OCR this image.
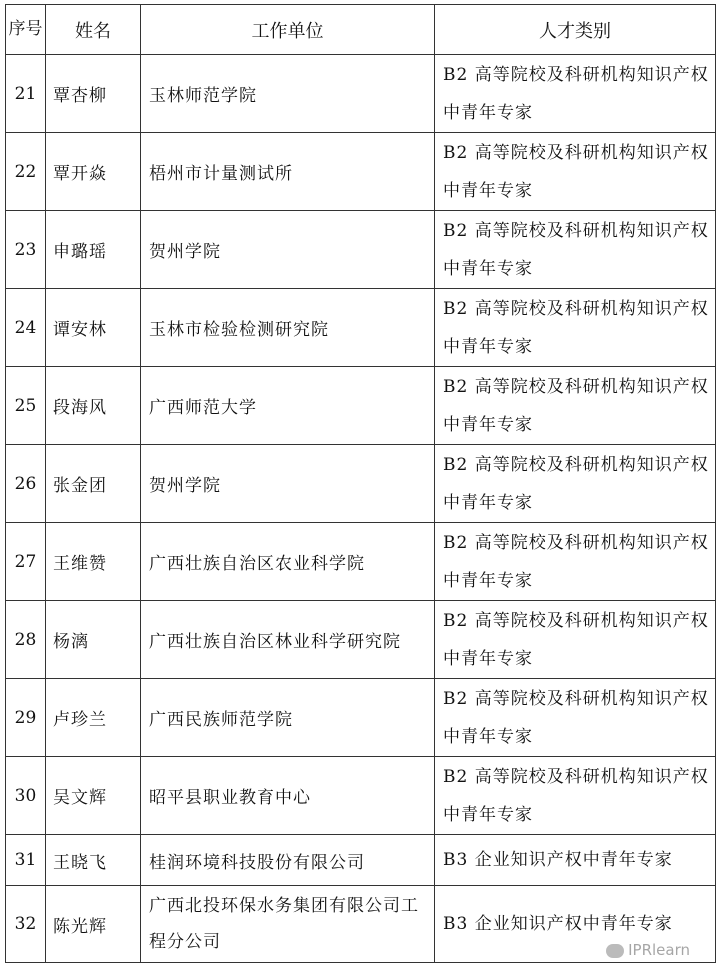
序号	姓名	工作单位	人才类别
21	覃杏柳	玉林师范学院	B2 高等院校及科研机构知识产权中青年专家
22	覃开焱	梧州市计量测试所	B2 高等院校及科研机构知识产权中青年专家
23	申璐瑶	贺州学院	B2 高等院校及科研机构知识产权中青年专家
24	谭安林	玉林市检验检测研究院	B2 高等院校及科研机构知识产权中青年专家
25	段海风	广西师范大学	B2 高等院校及科研机构知识产权中青年专家
26	张金团	贺州学院	B2 高等院校及科研机构知识产权中青年专家
27	王维赞	广西壮族自治区农业科学院	B2 高等院校及科研机构知识产权中青年专家
28	杨漓	广西壮族自治区林业科学研究院	B2 高等院校及科研机构知识产权中青年专家
29	卢珍兰	广西民族师范学院	B2 高等院校及科研机构知识产权中青年专家
30	吴文辉	昭平县职业教育中心	B2 高等院校及科研机构知识产权中青年专家
31	王晓飞	桂润环境科技股份有限公司	B3 企业知识产权中青年专家
32	陈光辉	广西北投环保水务集团有限公司工程分公司	B3 企业知识产权中青年专家
IPRlearn
